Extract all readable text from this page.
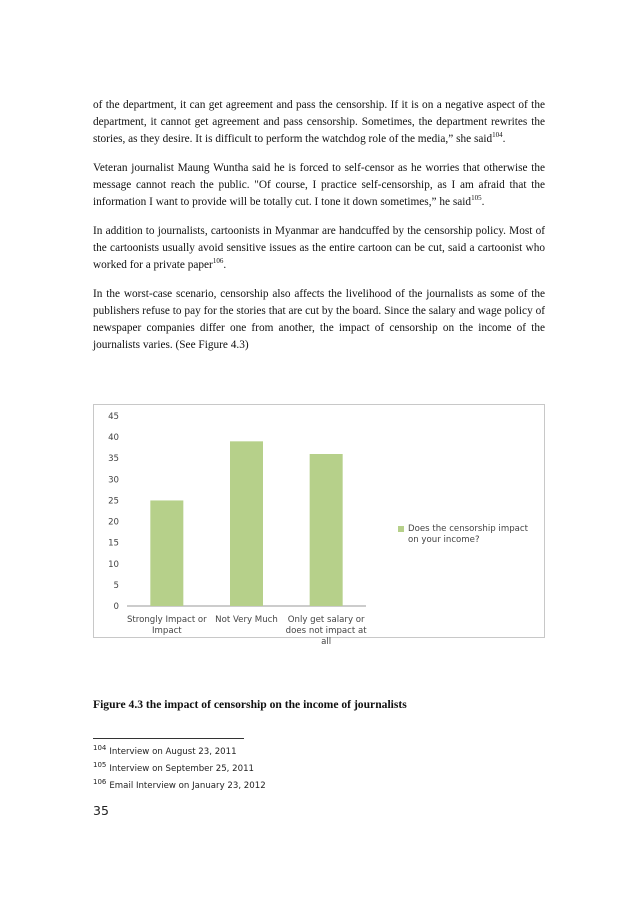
of the department, it can get agreement and pass the censorship. If it is on a negative aspect of the department, it cannot get agreement and pass censorship. Sometimes, the department rewrites the stories, as they desire. It is difficult to perform the watchdog role of the media,” she said$^{104}$.

Veteran journalist Maung Wuntha said he is forced to self-censor as he worries that otherwise the message cannot reach the public. "Of course, I practice self-censorship, as I am afraid that the information I want to provide will be totally cut. I tone it down sometimes,” he said$^{105}$.

In addition to journalists, cartoonists in Myanmar are handcuffed by the censorship policy. Most of the cartoonists usually avoid sensitive issues as the entire cartoon can be cut, said a cartoonist who worked for a private paper$^{106}$.

In the worst-case scenario, censorship also affects the livelihood of the journalists as some of the publishers refuse to pay for the stories that are cut by the board. Since the salary and wage policy of newspaper companies differ one from another, the impact of censorship on the income of the journalists varies. (See Figure 4.3)

0
5
10
15
20
25
30
35
40
45
Strongly Impact or
Impact
Not Very Much Only get salary or
does not impact at
all
Does the censorship impact on your income?
Figure 4.3 the impact of censorship on the income of journalists
$^{104}$ Interview on August 23, 2011
$^{105}$ Interview on September 25, 2011
$^{106}$ Email Interview on January 23, 2012
35
